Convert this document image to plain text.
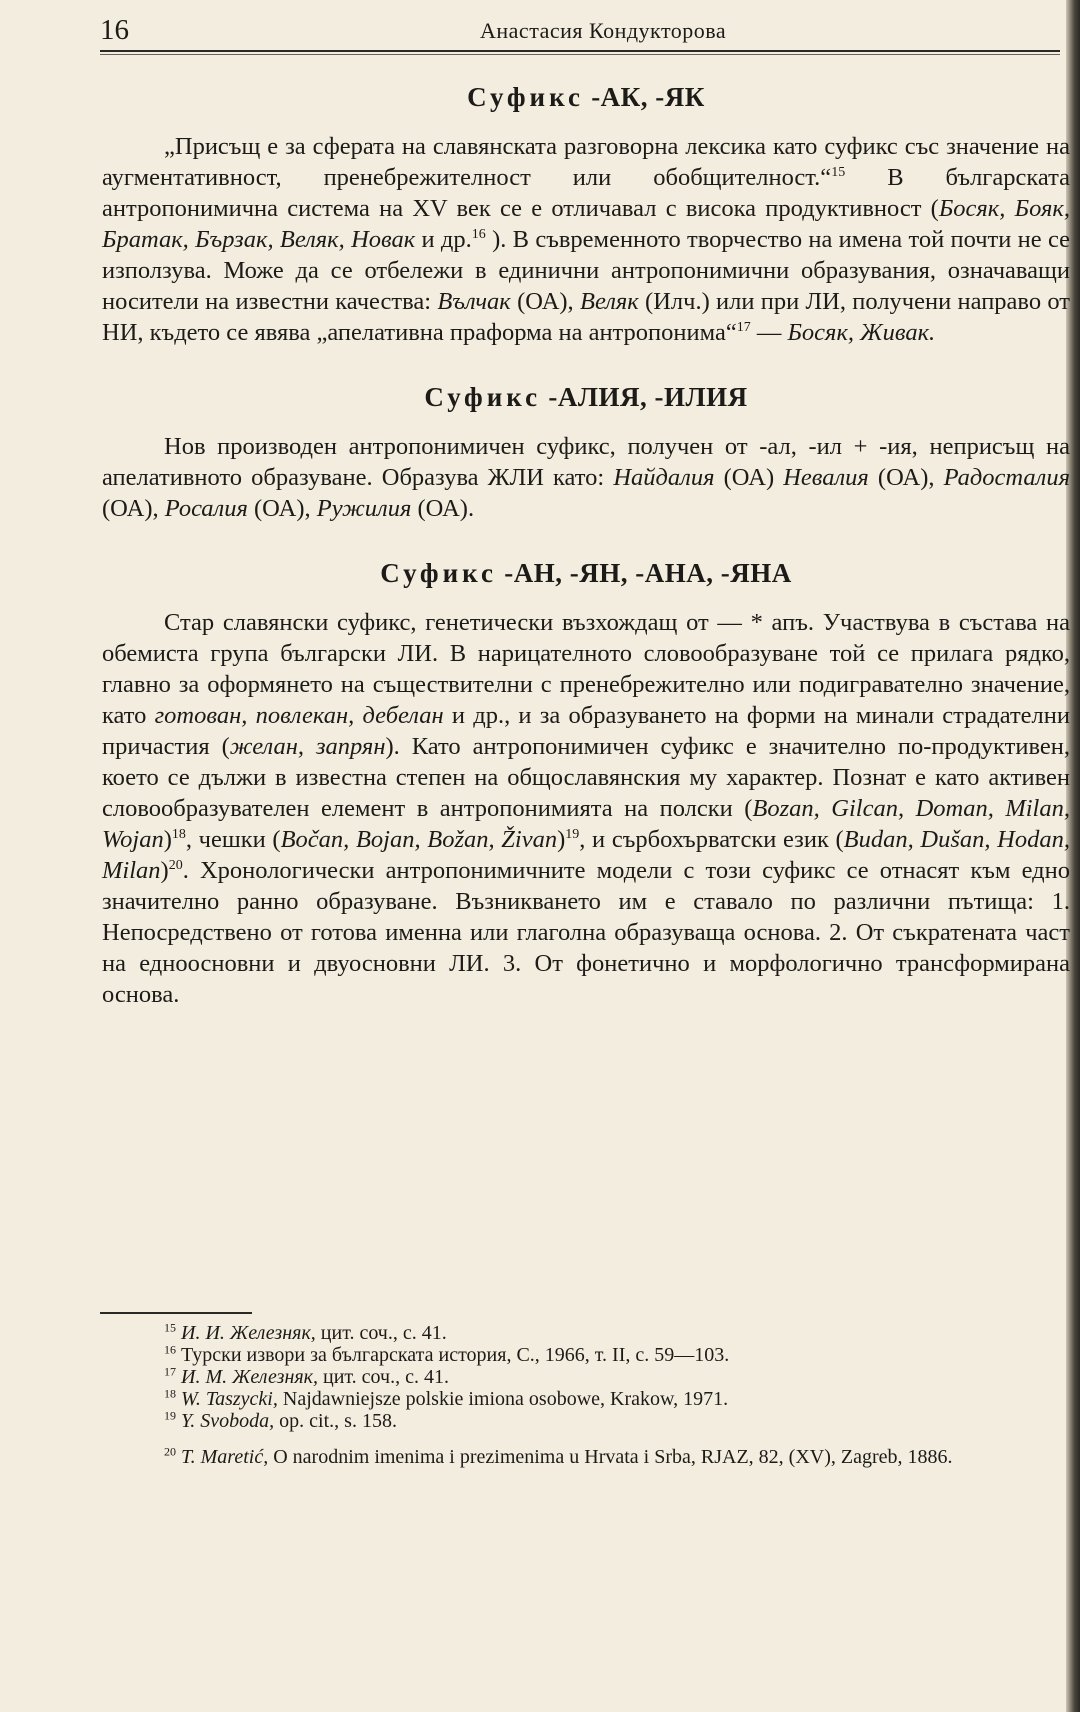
16	Анастасия Кондукторова
Суфикс -АК, -ЯК

„Присъщ е за сферата на славянската разговорна лексика като суфикс със значение на аугментативност, пренебрежителност или обобщителност.“$^{15}$ В българската антропонимична система на XV век се е отличавал с висока продуктивност (Босяк, Бояк, Братак, Бързак, Веляк, Новак и др.$^{16}$ ). В съвременното творчество на имена той почти не се използува. Може да се отбележи в единични антропонимични образувания, означаващи носители на известни качества: Вълчак (ОА), Веляк (Илч.) или при ЛИ, получени направо от НИ, където се явява „апелативна праформа на антропонима“$^{17}$ — Босяк, Живак.

Суфикс -АЛИЯ, -ИЛИЯ

Нов производен антропонимичен суфикс, получен от -ал, -ил + -ия, неприсъщ на апелативното образуване. Образува ЖЛИ като: Найдалия (ОА) Невалия (ОА), Радосталия (ОА), Росалия (ОА), Ружилия (ОА).

Суфикс -АН, -ЯН, -АНА, -ЯНА

Стар славянски суфикс, генетически възхождащ от — * апъ. Участвува в състава на обемиста група български ЛИ. В нарицателното словообразуване той се прилага рядко, главно за оформянето на съществителни с пренебрежително или подигравателно значение, като готован, повлекан, дебелан и др., и за образуването на форми на минали страдателни причастия (желан, запрян). Като антропонимичен суфикс е значително по-продуктивен, което се дължи в известна степен на общославянския му характер. Познат е като активен словообразувателен елемент в антропонимията на полски (Bozan, Gilcan, Doman, Milan, Wojan)$^{18}$, чешки (Bočan, Bojan, Božan, Živan)$^{19}$, и сърбохърватски език (Budan, Dušan, Hodan, Milan)$^{20}$. Хронологически антропонимичните модели с този суфикс се отнасят към едно значително ранно образуване. Възникването им е ставало по различни пътища: 1. Непосредствено от готова именна или глаголна образуваща основа. 2. От съкратената част на едноосновни и двуосновни ЛИ. 3. От фонетично и морфологично трансформирана основа.

$^{15}$ И. И. Железняк, цит. соч., с. 41.

$^{16}$ Турски извори за българската история, С., 1966, т. II, с. 59—103.

$^{17}$ И. М. Железняк, цит. соч., с. 41.

$^{18}$ W. Taszycki, Najdawniejsze polskie imiona osobowe, Krakow, 1971.

$^{19}$ Y. Svoboda, op. cit., s. 158.

$^{20}$ T. Maretić, O narodnim imenima i prezimenima u Hrvata i Srba, RJAZ, 82, (XV), Zagreb, 1886.
